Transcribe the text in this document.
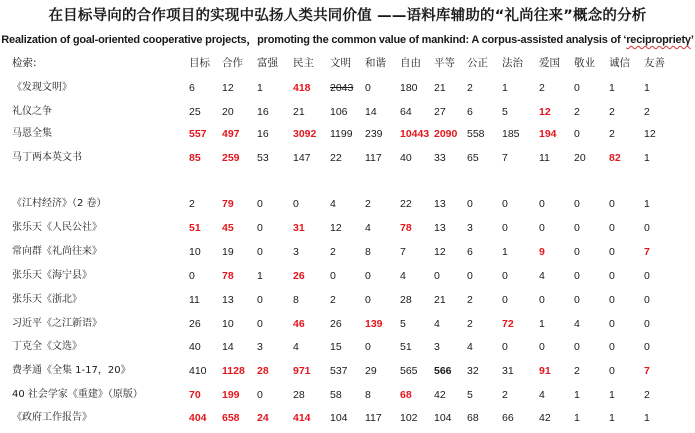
在目标导向的合作项目的实现中弘扬人类共同价值 ——语料库辅助的“礼尚往来”概念的分析
Realization of goal-oriented cooperative projects，promoting the common value of mankind: A corpus-assisted analysis of ‘reciproprietγ’
检索:	目标 合作 富强 民主 文明 和谐 自由 平等 公正 法治 爱国 敬业 诚信 友善
《发现文明》	6	12 1	418 2043 0	180 21 2	1	2	0	1	1
礼仪之争	25 20 16 21 106 14 64 27 6	5	12 2	2	2
马恩全集	557 497 16 3092 1199 239 10443 2090 558 185 194 0	2	12
马丁两本英文书	85 259 53 147 22 117 40 33 65 7	11 20 82 1
《江村经济》（2 卷）	2	79 0	0	4	2	22 13 0	0	0	0	0	1
张乐天《人民公社》	51 45 0	31 12 4	78 13 3	0	0	0	0	0
常向群《礼尚往来》	10 19 0	3	2	8	7	12 6	1	9	0	0	7
张乐天《海宁县》	0	78 1	26 0	0	4	0	0	0	4	0	0	0
张乐天《浙北》	11 13 0	8	2	0	28 21 2	0	0	0	0	0
习近平《之江新语》	26 10 0	46 26 139 5	4	2	72 1	4	0	0
丁克全《文选》	40 14 3	4	15 0	51 3	4	0	0	0	0	0
费孝通《全集 1-17，20》	410 1128 28 971 537 29 565 566 32 31 91 2	0	7
40 社会学家《重建》（原版）	70 199 0	28 58 8	68 42 5	2	4	1	1	2
《政府工作报告》	404 658 24 414 104 117 102 104 68 66 42 1	1	1
